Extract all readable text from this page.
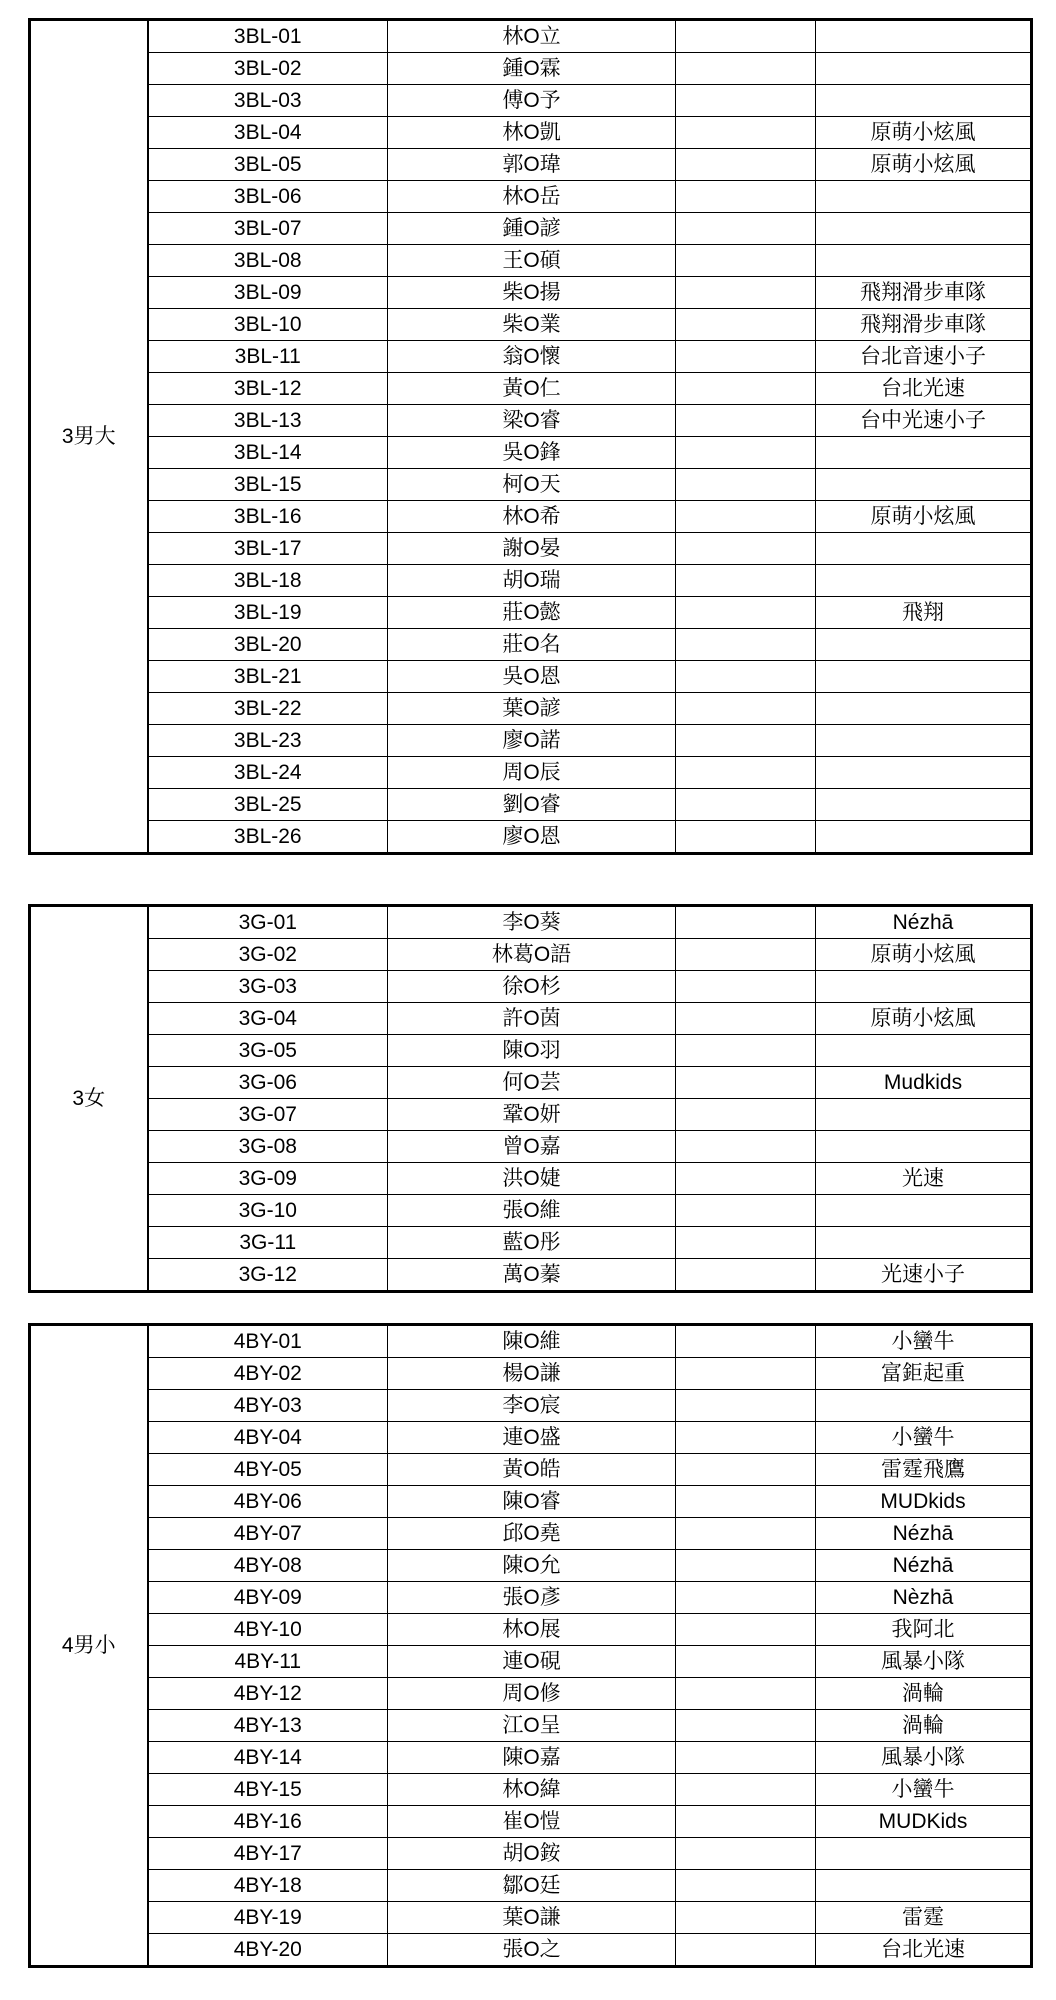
3男大	3BL-01	林O立		
	3BL-02	鍾O霖		
	3BL-03	傅O予		
	3BL-04	林O凱		原萌小炫風
	3BL-05	郭O瑋		原萌小炫風
	3BL-06	林O岳		
	3BL-07	鍾O諺		
	3BL-08	王O碩		
	3BL-09	柴O揚		飛翔滑步車隊
	3BL-10	柴O業		飛翔滑步車隊
	3BL-11	翁O懷		台北音速小子
	3BL-12	黃O仁		台北光速
	3BL-13	梁O睿		台中光速小子
	3BL-14	吳O鋒		
	3BL-15	柯O天		
	3BL-16	林O希		原萌小炫風
	3BL-17	謝O晏		
	3BL-18	胡O瑞		
	3BL-19	莊O懿		飛翔
	3BL-20	莊O名		
	3BL-21	吳O恩		
	3BL-22	葉O諺		
	3BL-23	廖O諾		
	3BL-24	周O辰		
	3BL-25	劉O睿		
	3BL-26	廖O恩		
3女	3G-01	李O葵		Nézhā
	3G-02	林葛O語		原萌小炫風
	3G-03	徐O杉		
	3G-04	許O茵		原萌小炫風
	3G-05	陳O羽		
	3G-06	何O芸		Mudkids
	3G-07	鞏O妍		
	3G-08	曾O嘉		
	3G-09	洪O婕		光速
	3G-10	張O維		
	3G-11	藍O彤		
	3G-12	萬O蓁		光速小子
4男小	4BY-01	陳O維		小蠻牛
	4BY-02	楊O謙		富鉅起重
	4BY-03	李O宸		
	4BY-04	連O盛		小蠻牛
	4BY-05	黃O皓		雷霆飛鷹
	4BY-06	陳O睿		MUDkids
	4BY-07	邱O堯		Nézhā
	4BY-08	陳O允		Nézhā
	4BY-09	張O彥		Nèzhā
	4BY-10	林O展		我阿北
	4BY-11	連O硯		風暴小隊
	4BY-12	周O修		渦輪
	4BY-13	江O呈		渦輪
	4BY-14	陳O嘉		風暴小隊
	4BY-15	林O緯		小蠻牛
	4BY-16	崔O愷		MUDKids
	4BY-17	胡O銨		
	4BY-18	鄒O廷		
	4BY-19	葉O謙		雷霆
	4BY-20	張O之		台北光速
